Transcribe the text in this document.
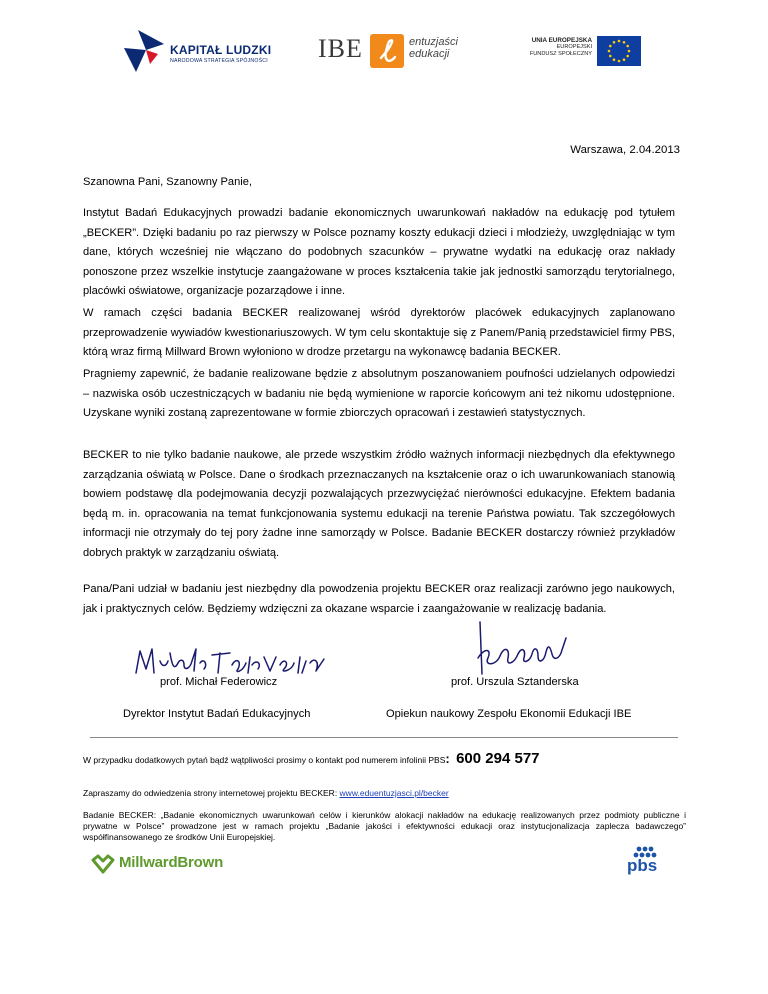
KAPITAŁ LUDZKI
NARODOWA STRATEGIA SPÓJNOŚCI IBE	entuzjaści
edukacji
UNIA EUROPEJSKA
EUROPEJSKI
FUNDUSZ SPOŁECZNY
Warszawa, 2.04.2013
Szanowna Pani, Szanowny Panie,
Instytut Badań Edukacyjnych prowadzi badanie ekonomicznych uwarunkowań nakładów na edukację pod tytułem „BECKER”. Dzięki badaniu po raz pierwszy w Polsce poznamy koszty edukacji dzieci i młodzieży, uwzględniając w tym dane, których wcześniej nie włączano do podobnych szacunków – prywatne wydatki na edukację oraz nakłady ponoszone przez wszelkie instytucje zaangażowane w proces kształcenia takie jak jednostki samorządu terytorialnego, placówki oświatowe, organizacje pozarządowe i inne.
W ramach części badania BECKER realizowanej wśród dyrektorów placówek edukacyjnych zaplanowano przeprowadzenie wywiadów kwestionariuszowych. W tym celu skontaktuje się z Panem/Panią przedstawiciel firmy PBS, którą wraz firmą Millward Brown wyłoniono w drodze przetargu na wykonawcę badania BECKER.
Pragniemy zapewnić, że badanie realizowane będzie z absolutnym poszanowaniem poufności udzielanych odpowiedzi – nazwiska osób uczestniczących w badaniu nie będą wymienione w raporcie końcowym ani też nikomu udostępnione. Uzyskane wyniki zostaną zaprezentowane w formie zbiorczych opracowań i zestawień statystycznych.
BECKER to nie tylko badanie naukowe, ale przede wszystkim źródło ważnych informacji niezbędnych dla efektywnego zarządzania oświatą w Polsce. Dane o środkach przeznaczanych na kształcenie oraz o ich uwarunkowaniach stanowią bowiem podstawę dla podejmowania decyzji pozwalających przezwyciężać nierówności edukacyjne. Efektem badania będą m. in. opracowania na temat funkcjonowania systemu edukacji na terenie Państwa powiatu. Tak szczegółowych informacji nie otrzymały do tej pory żadne inne samorządy w Polsce. Badanie BECKER dostarczy również przykładów dobrych praktyk w zarządzaniu oświatą.
Pana/Pani udział w badaniu jest niezbędny dla powodzenia projektu BECKER oraz realizacji zarówno jego naukowych, jak i praktycznych celów. Będziemy wdzięczni za okazane wsparcie i zaangażowanie w realizację badania.
prof. Michał Federowicz	prof. Urszula Sztanderska
Dyrektor Instytut Badań Edukacyjnych	Opiekun naukowy Zespołu Ekonomii Edukacji IBE
W przypadku dodatkowych pytań bądź wątpliwości prosimy o kontakt pod numerem infolinii PBS: 600 294 577
Zapraszamy do odwiedzenia strony internetowej projektu BECKER: www.eduentuzjasci.pl/becker
Badanie BECKER: „Badanie ekonomicznych uwarunkowań celów i kierunków alokacji nakładów na edukację realizowanych przez podmioty publiczne i prywatne w Polsce” prowadzone jest w ramach projektu „Badanie jakości i efektywności edukacji oraz instytucjonalizacja zaplecza badawczego” współfinansowanego ze środków Unii Europejskiej.
MillwardBrown	pbs
